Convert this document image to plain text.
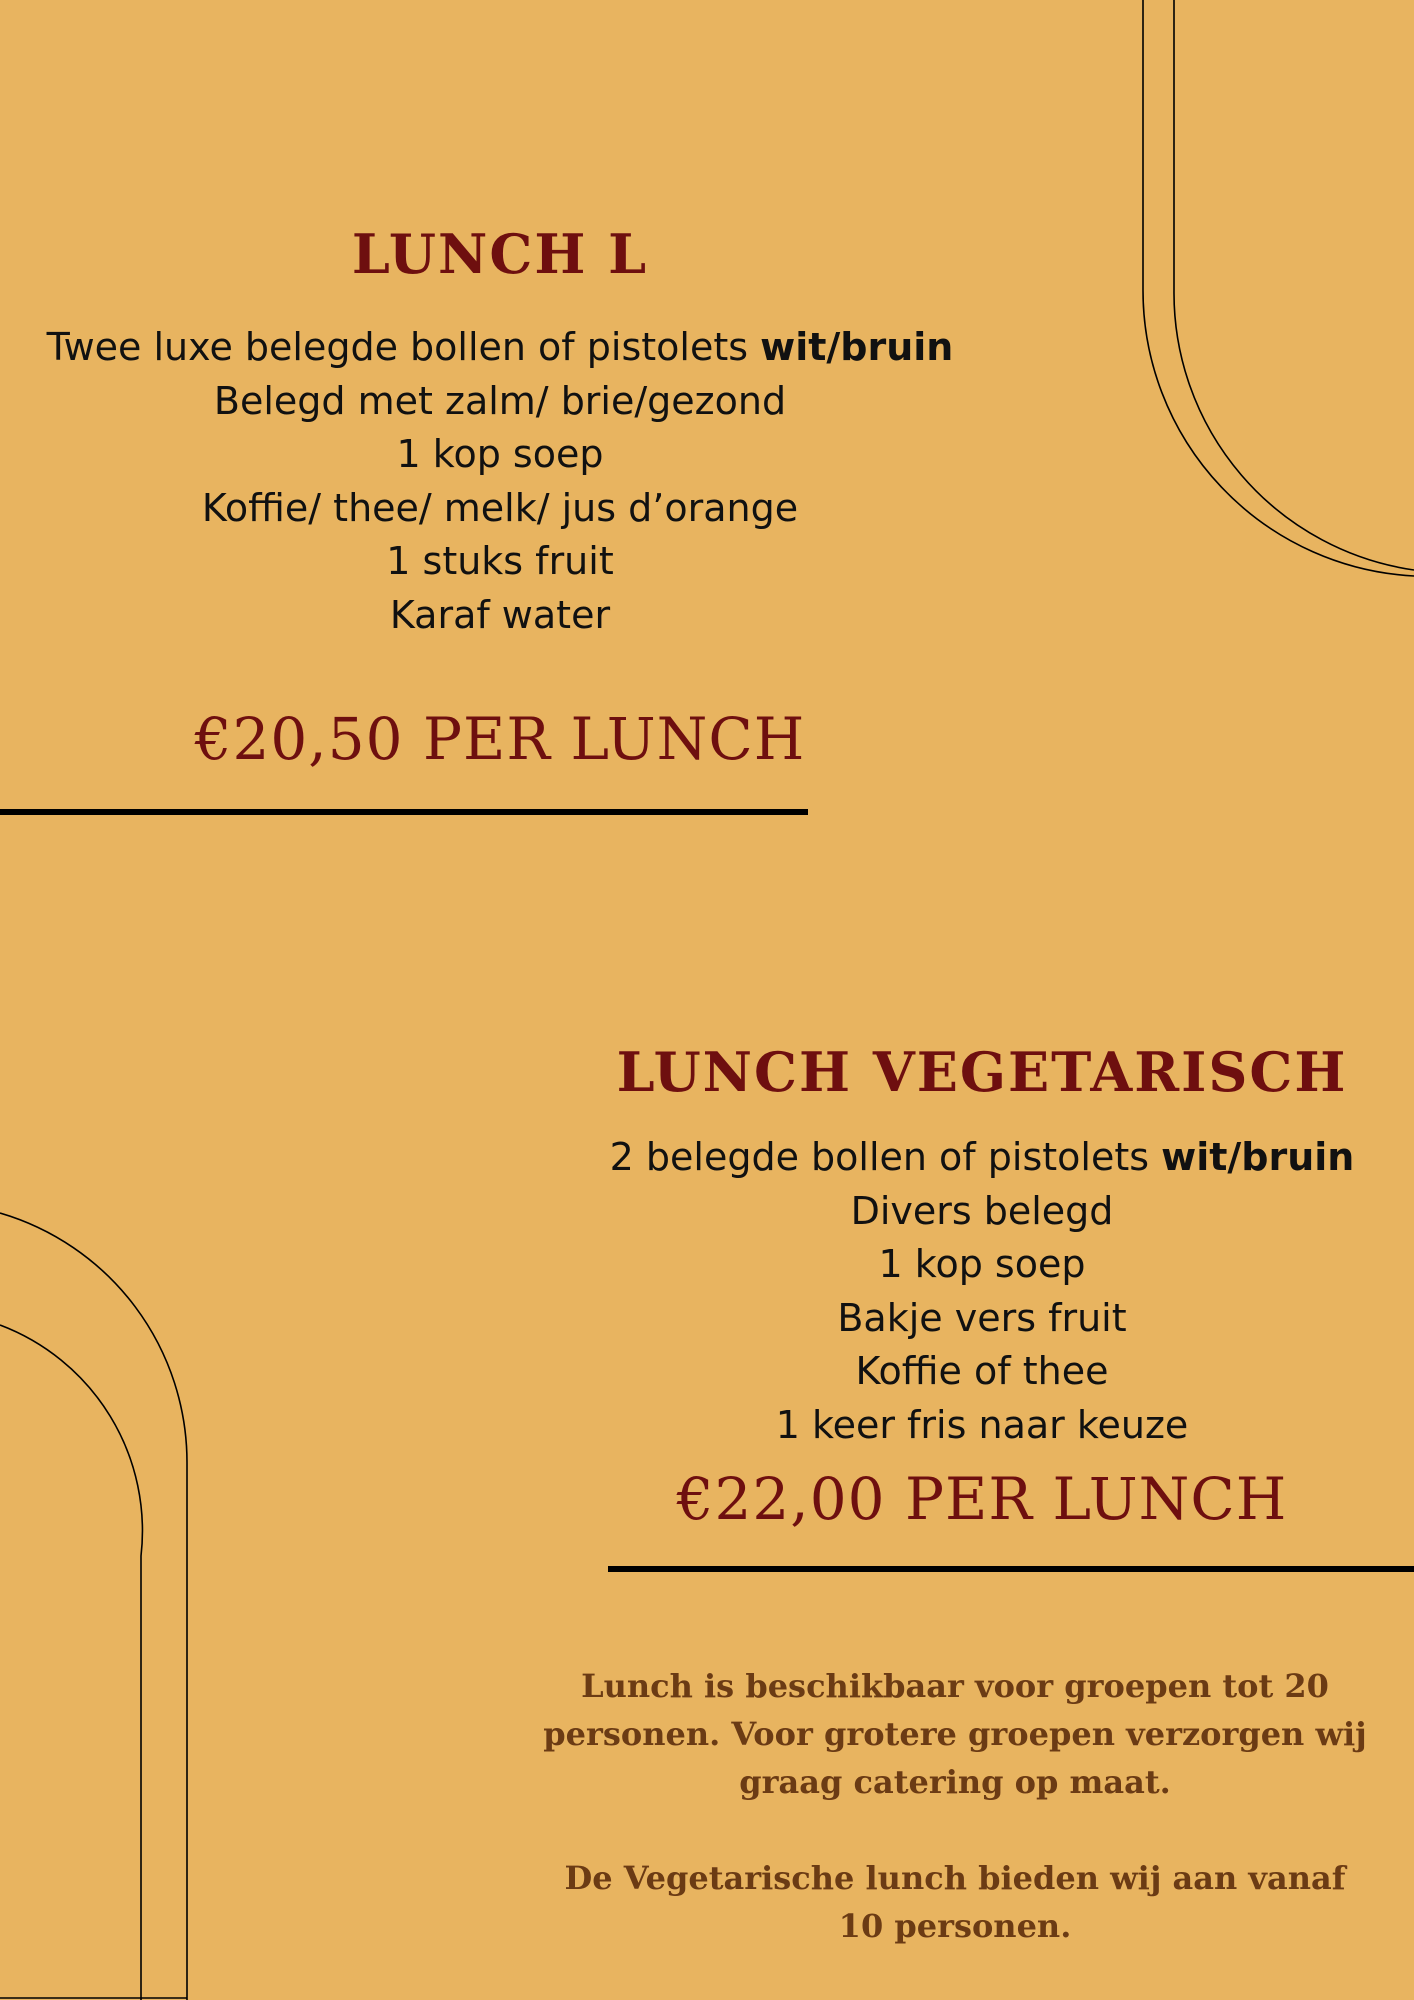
LUNCH L
Twee luxe belegde bollen of pistolets wit/bruin
Belegd met zalm/ brie/gezond
1 kop soep
Koffie/ thee/ melk/ jus d’orange
1 stuks fruit
Karaf water

€20,50 PER LUNCH

LUNCH VEGETARISCH
2 belegde bollen of pistolets wit/bruin
Divers belegd
1 kop soep
Bakje vers fruit
Koffie of thee
1 keer fris naar keuze

€22,00 PER LUNCH

Lunch is beschikbaar voor groepen tot 20 personen. Voor grotere groepen verzorgen wij graag catering op maat.

De Vegetarische lunch bieden wij aan vanaf 10 personen.
